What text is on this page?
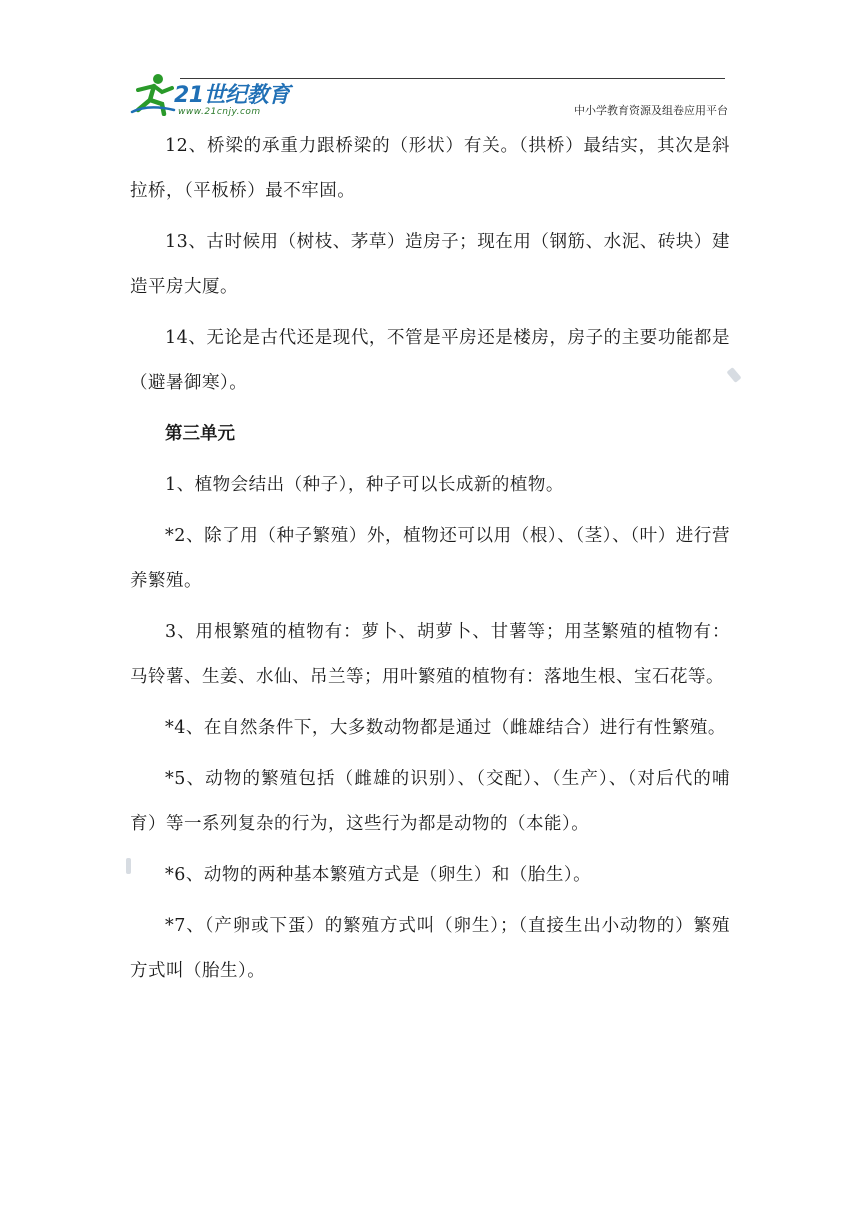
21世纪教育
www.21cnjy.com	中小学教育资源及组卷应用平台

12、桥梁的承重力跟桥梁的（形状）有关。（拱桥）最结实，其次是斜拉桥，（平板桥）最不牢固。

13、古时候用（树枝、茅草）造房子；现在用（钢筋、水泥、砖块）建造平房大厦。

14、无论是古代还是现代，不管是平房还是楼房，房子的主要功能都是（避暑御寒）。

第三单元

1、植物会结出（种子），种子可以长成新的植物。

*2、除了用（种子繁殖）外，植物还可以用（根）、（茎）、（叶）进行营养繁殖。

3、用根繁殖的植物有：萝卜、胡萝卜、甘薯等；用茎繁殖的植物有：马铃薯、生姜、水仙、吊兰等；用叶繁殖的植物有：落地生根、宝石花等。

*4、在自然条件下，大多数动物都是通过（雌雄结合）进行有性繁殖。

*5、动物的繁殖包括（雌雄的识别）、（交配）、（生产）、（对后代的哺育）等一系列复杂的行为，这些行为都是动物的（本能）。

*6、动物的两种基本繁殖方式是（卵生）和（胎生）。

*7、（产卵或下蛋）的繁殖方式叫（卵生）；（直接生出小动物的）繁殖方式叫（胎生）。
